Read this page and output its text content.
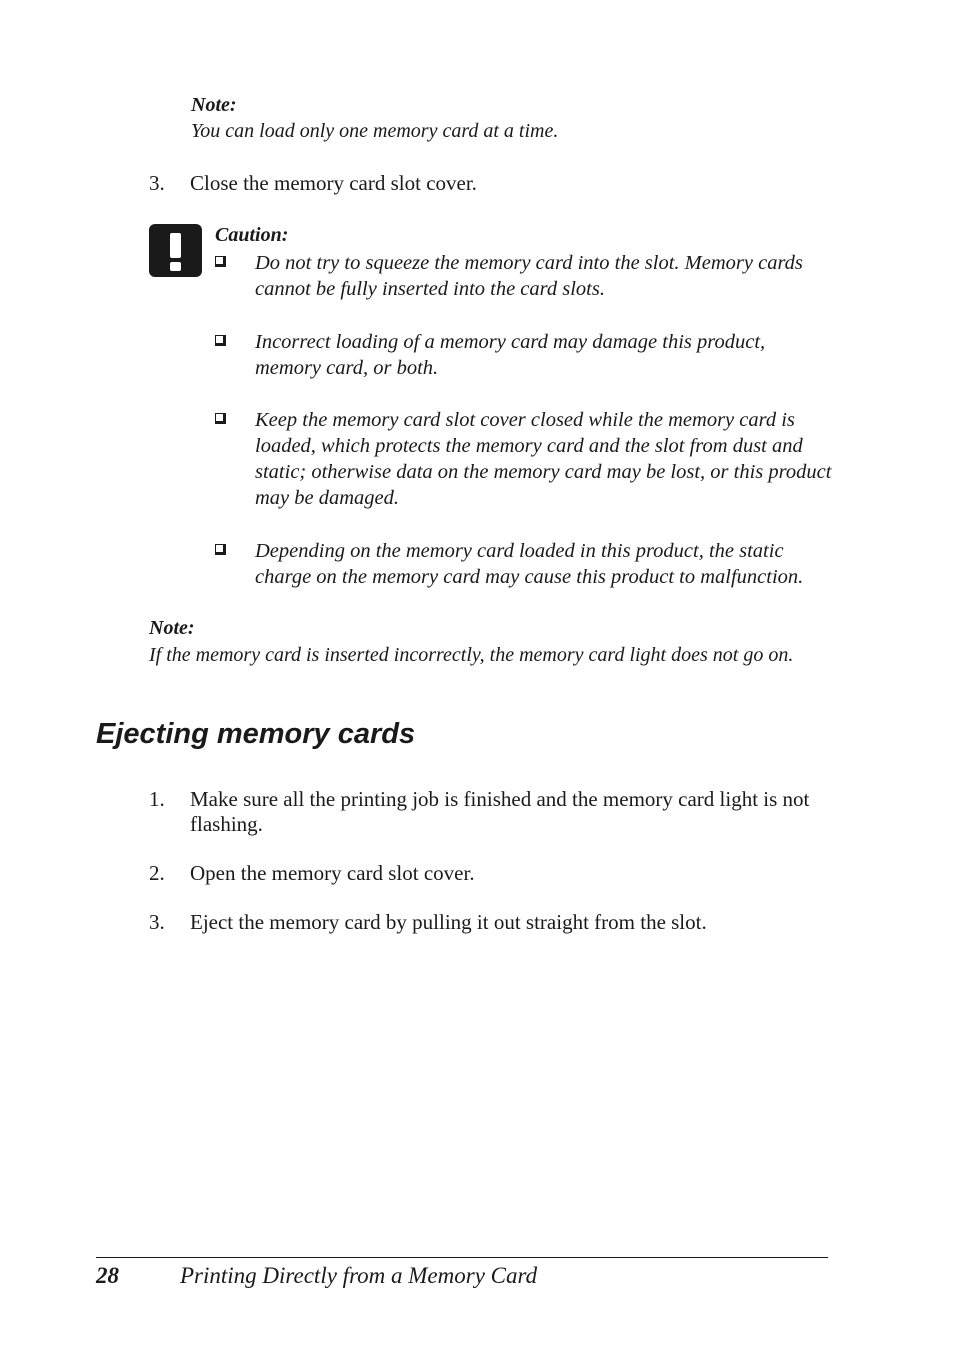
Note:
You can load only one memory card at a time.
3. Close the memory card slot cover.
Caution:
Do not try to squeeze the memory card into the slot. Memory cards cannot be fully inserted into the card slots.
Incorrect loading of a memory card may damage this product, memory card, or both.
Keep the memory card slot cover closed while the memory card is loaded, which protects the memory card and the slot from dust and static; otherwise data on the memory card may be lost, or this product may be damaged.
Depending on the memory card loaded in this product, the static charge on the memory card may cause this product to malfunction.
Note:
If the memory card is inserted incorrectly, the memory card light does not go on.
Ejecting memory cards
1. Make sure all the printing job is finished and the memory card light is not flashing.
2. Open the memory card slot cover.
3. Eject the memory card by pulling it out straight from the slot.
28	Printing Directly from a Memory Card
